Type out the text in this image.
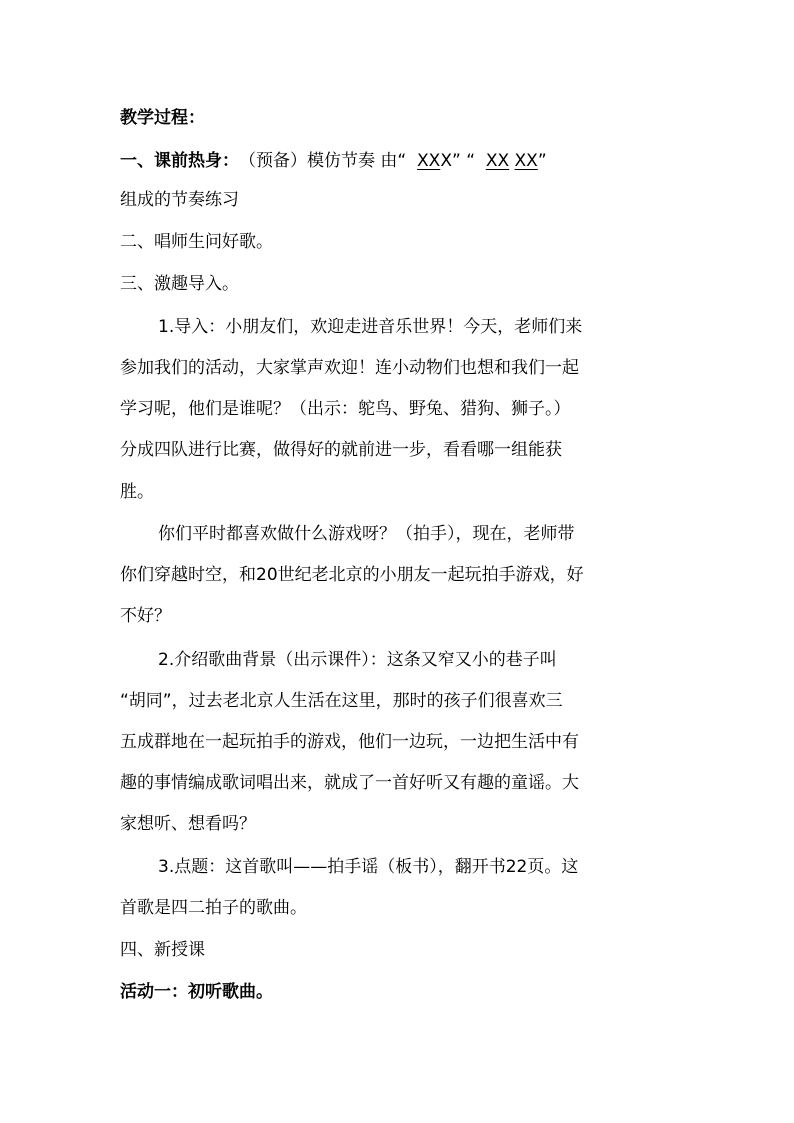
教学过程：
一、课前热身：（预备）模仿节奏 由“ XXX” “ XX XX”
组成的节奏练习
二、唱师生问好歌。
三、激趣导入。
1.导入：小朋友们，欢迎走进音乐世界！今天，老师们来
参加我们的活动，大家掌声欢迎！连小动物们也想和我们一起
学习呢，他们是谁呢？（出示：鸵鸟、野兔、猎狗、狮子。）
分成四队进行比赛，做得好的就前进一步，看看哪一组能获
胜。
你们平时都喜欢做什么游戏呀？（拍手），现在，老师带
你们穿越时空，和20世纪老北京的小朋友一起玩拍手游戏，好
不好？
2.介绍歌曲背景（出示课件）：这条又窄又小的巷子叫
“胡同”，过去老北京人生活在这里，那时的孩子们很喜欢三
五成群地在一起玩拍手的游戏，他们一边玩，一边把生活中有
趣的事情编成歌词唱出来，就成了一首好听又有趣的童谣。大
家想听、想看吗？
3.点题：这首歌叫——拍手谣（板书），翻开书22页。这
首歌是四二拍子的歌曲。
四、新授课
活动一：初听歌曲。
